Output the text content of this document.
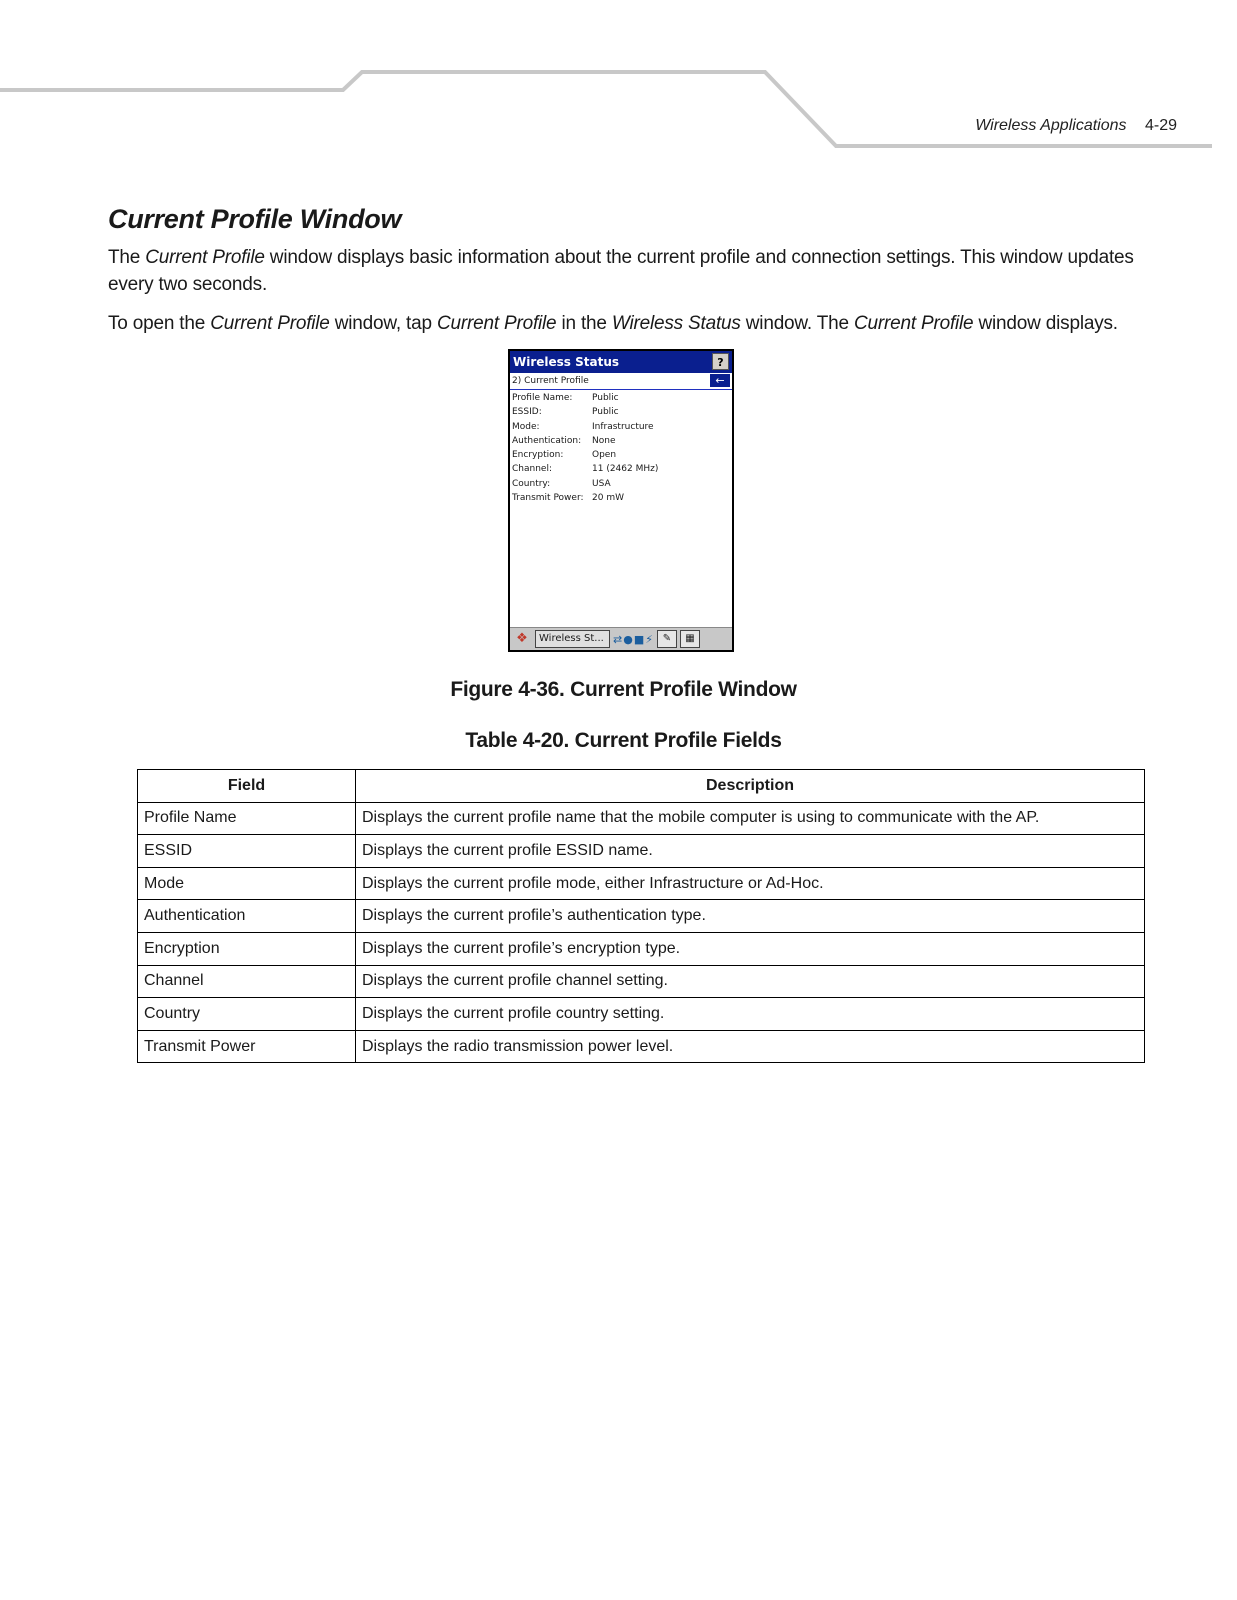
Wireless Applications 4-29
Current Profile Window

The Current Profile window displays basic information about the current profile and connection settings. This window updates every two seconds.

To open the Current Profile window, tap Current Profile in the Wireless Status window. The Current Profile window displays.

Wireless Status	?
2) Current Profile	←
Profile Name:	Public
ESSID:	Public
Mode:	Infrastructure
Authentication:	None
Encryption:	Open
Channel:	11 (2462 MHz)
Country:	USA
Transmit Power: 20 mW
❖	Wireless St... ⇄●■⚡ ✎	▦

Figure 4-36. Current Profile Window

Table 4-20. Current Profile Fields

Field	Description
Profile Name	Displays the current profile name that the mobile computer is using to communicate with the AP.
ESSID	Displays the current profile ESSID name.
Mode	Displays the current profile mode, either Infrastructure or Ad-Hoc.
Authentication	Displays the current profile’s authentication type.
Encryption	Displays the current profile’s encryption type.
Channel	Displays the current profile channel setting.
Country	Displays the current profile country setting.
Transmit Power	Displays the radio transmission power level.
